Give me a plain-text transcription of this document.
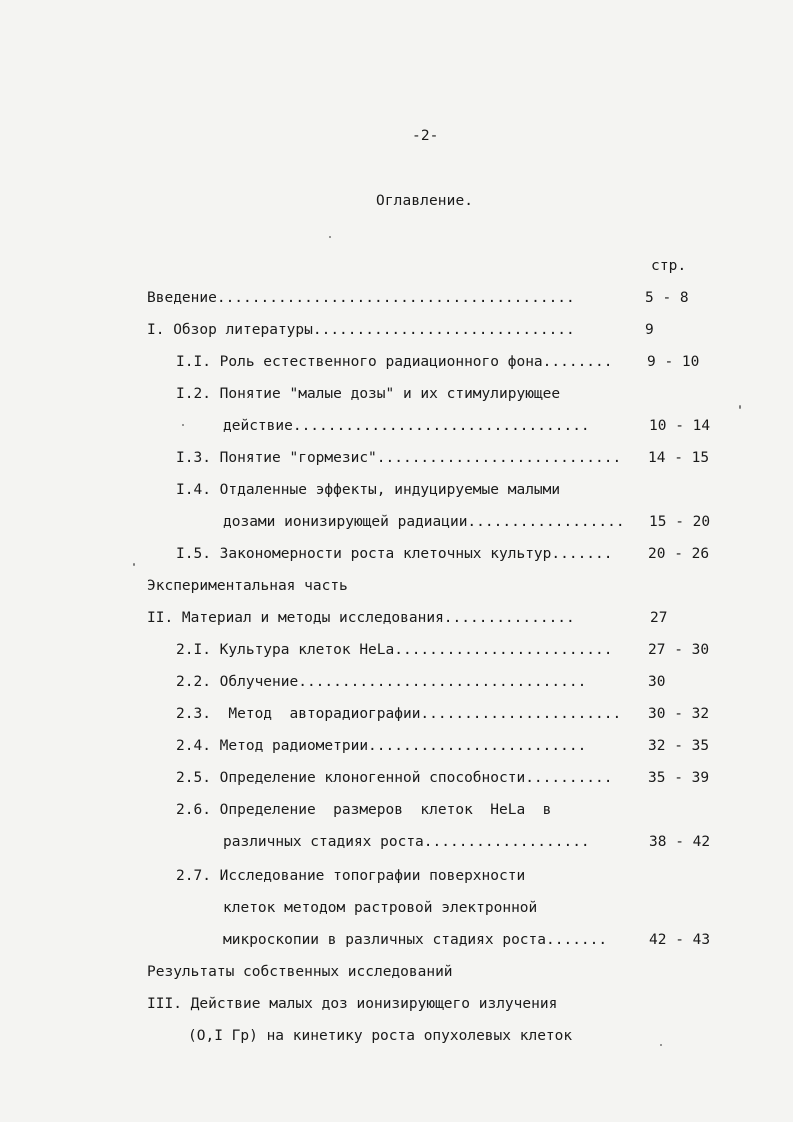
-2-
Оглавление.
стр.
Введение.........................................	5 - 8
I. Обзор литературы..............................	9
I.I. Роль естественного радиационного фона........ 9 - 10
I.2. Понятие "малые дозы" и их стимулирующее
действие..................................	10 - 14
I.3. Понятие "гормезис"............................ 14 - 15
I.4. Отдаленные эффекты, индуцируемые малыми
дозами ионизирующей радиации.................. 15 - 20
I.5. Закономерности роста клеточных культур....... 20 - 26
Экспериментальная часть
II. Материал и методы исследования...............	27
2.I. Культура клеток HeLa......................... 27 - 30
2.2. Облучение.................................	30
2.3.  Метод  авторадиографии....................... 30 - 32
2.4. Метод радиометрии.........................	32 - 35
2.5. Определение клоногенной способности.......... 35 - 39
2.6. Определение  размеров  клеток  HeLa  в
различных стадиях роста...................	38 - 42
2.7. Исследование топографии поверхности
клеток методом растровой электронной
микроскопии в различных стадиях роста.......	42 - 43
Результаты собственных исследований
III. Действие малых доз ионизирующего излучения
(О,I Гр) на кинетику роста опухолевых клеток
